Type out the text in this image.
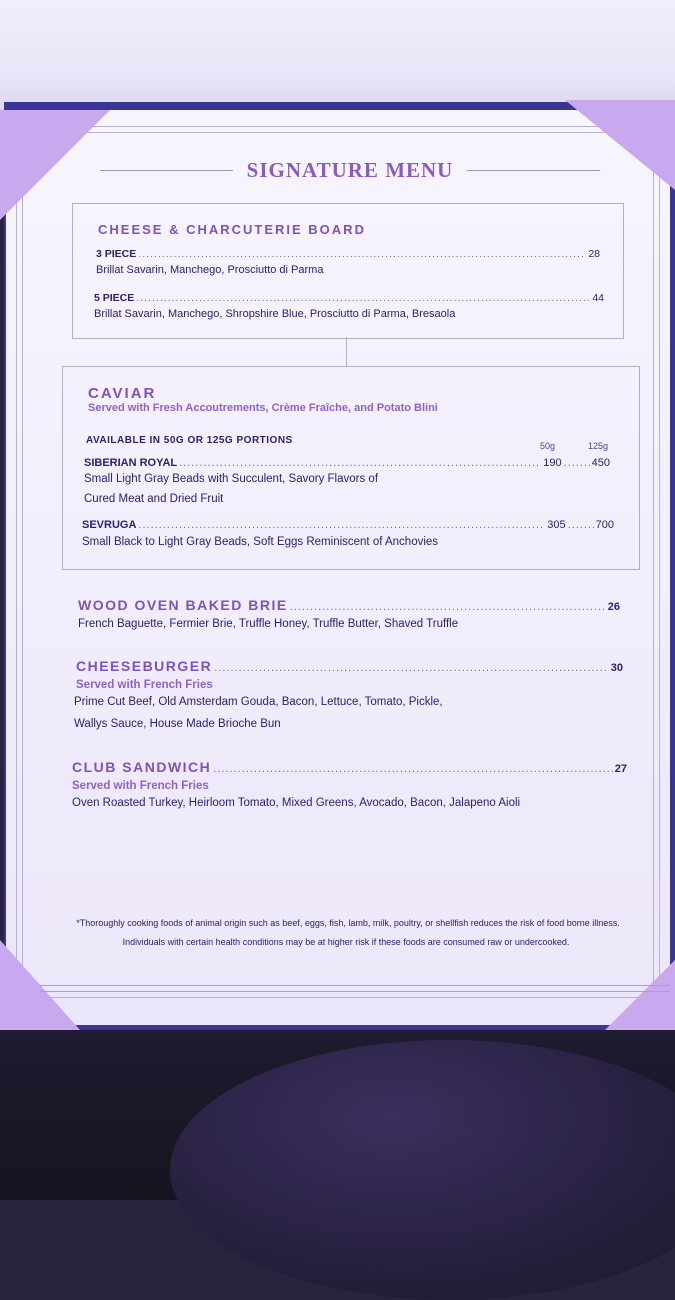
SIGNATURE MENU
CHEESE & CHARCUTERIE BOARD
3 PIECE .....	28
Brillat Savarin, Manchego, Prosciutto di Parma
5 PIECE .....	44
Brillat Savarin, Manchego, Shropshire Blue, Prosciutto di Parma, Bresaola
CAVIAR
Served with Fresh Accoutrements, Crème Fraîche, and Potato Blini
AVAILABLE IN 50G OR 125G PORTIONS	50g	125g
SIBERIAN ROYAL .....	190 .....	450
Small Light Gray Beads with Succulent, Savory Flavors of
Cured Meat and Dried Fruit
SEVRUGA .....	305 .....	700
Small Black to Light Gray Beads, Soft Eggs Reminiscent of Anchovies
WOOD OVEN BAKED BRIE .....	26
French Baguette, Fermier Brie, Truffle Honey, Truffle Butter, Shaved Truffle
CHEESEBURGER .....	30
Served with French Fries
Prime Cut Beef, Old Amsterdam Gouda, Bacon, Lettuce, Tomato, Pickle,
Wallys Sauce, House Made Brioche Bun
CLUB SANDWICH .....	27
Served with French Fries
Oven Roasted Turkey, Heirloom Tomato, Mixed Greens, Avocado, Bacon, Jalapeno Aioli
*Thoroughly cooking foods of animal origin such as beef, eggs, fish, lamb, milk, poultry, or shellfish reduces the risk of food borne illness.
Individuals with certain health conditions may be at higher risk if these foods are consumed raw or undercooked.
